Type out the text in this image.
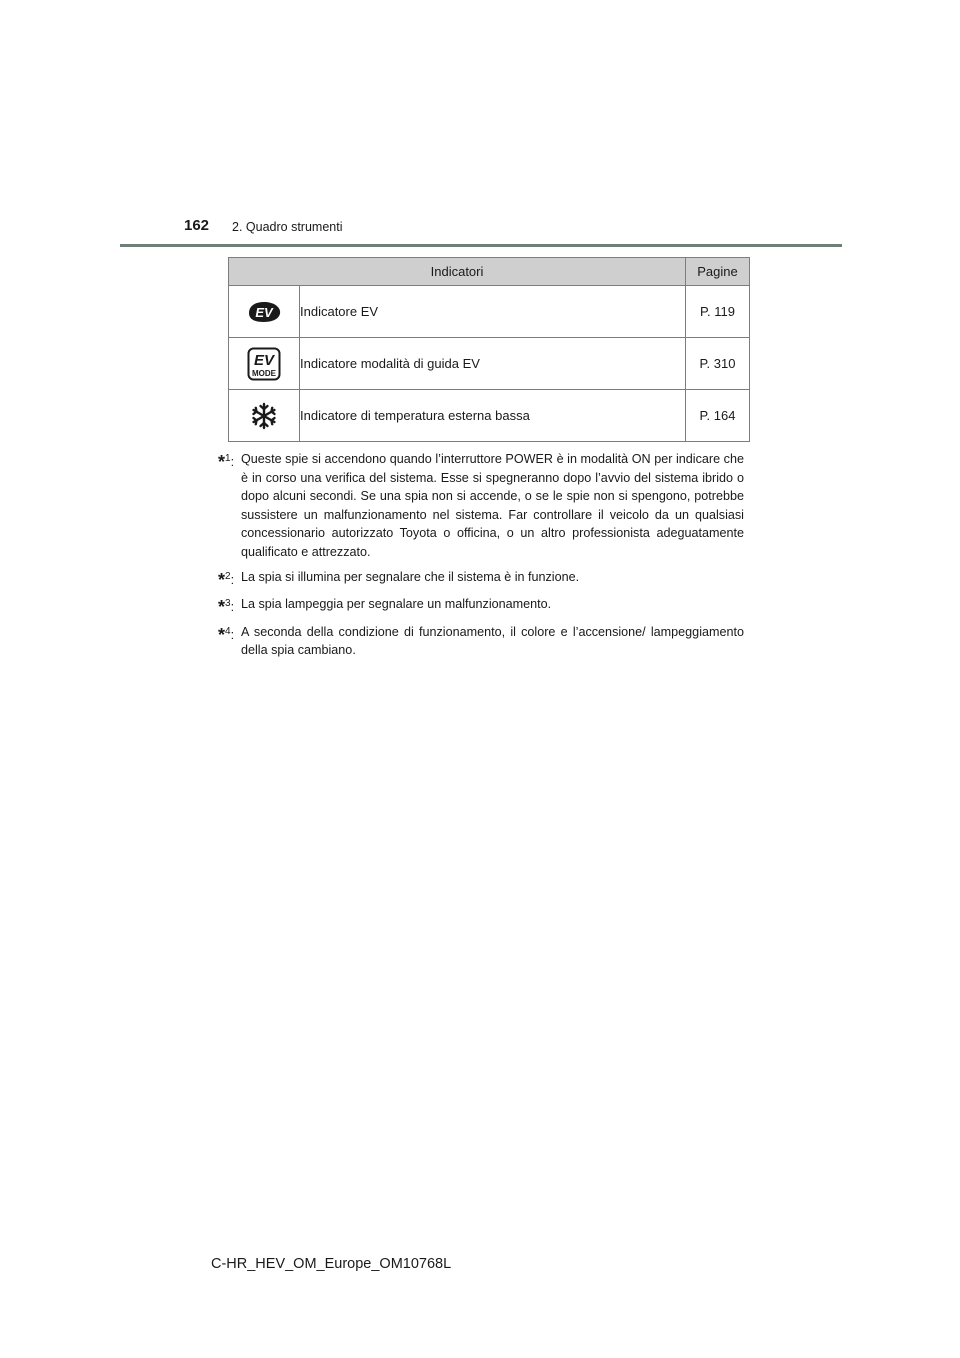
162 2. Quadro strumenti
Indicatori		Pagine

EV	Indicatore EV	P. 119

EV
MODE	Indicatore modalità di guida EV	P. 310

	Indicatore di temperatura esterna bassa	P. 164
*$^1$: Queste spie si accendono quando l’interruttore POWER è in modalità ON per indicare che è in corso una verifica del sistema. Esse si spegneranno dopo l’avvio del sistema ibrido o dopo alcuni secondi. Se una spia non si accende, o se le spie non si spengono, potrebbe sussistere un malfunzionamento nel sistema. Far controllare il veicolo da un qualsiasi concessionario autorizzato Toyota o officina, o un altro professionista adeguatamente qualificato e attrezzato.
*$^2$: La spia si illumina per segnalare che il sistema è in funzione.
*$^3$: La spia lampeggia per segnalare un malfunzionamento.
*$^4$: A seconda della condizione di funzionamento, il colore e l’accensione/ lampeggiamento della spia cambiano.
C-HR_HEV_OM_Europe_OM10768L
